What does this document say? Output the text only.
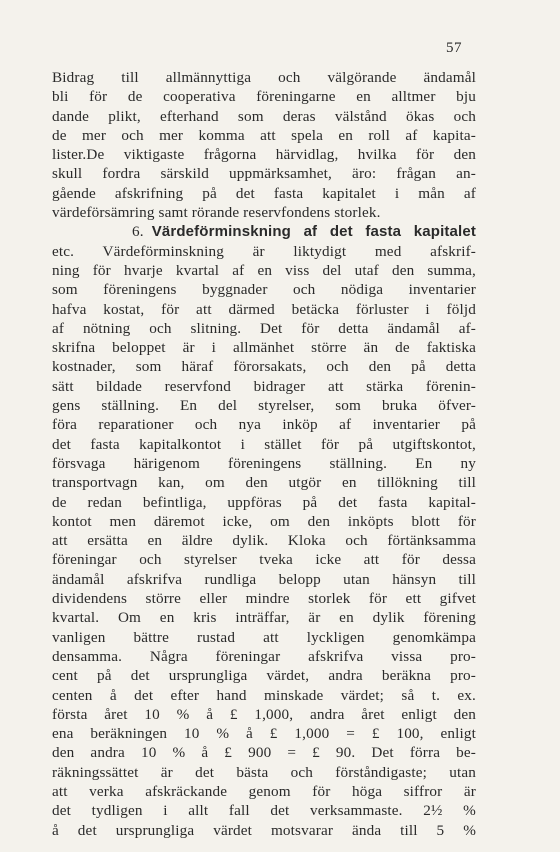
57
Bidrag till allmännyttiga och välgörande ändamål
bli för de cooperativa föreningarne en alltmer bju
dande plikt, efterhand som deras välstånd ökas och
de mer och mer komma att spela en roll af kapita-
lister.De viktigaste frågorna härvidlag, hvilka för den
skull fordra särskild uppmärksamhet, äro: frågan an-
gående afskrifning på det fasta kapitalet i mån af
värdeförsämring samt rörande reservfondens storlek.
6. Värdeförminskning af det fasta kapitalet
etc. Värdeförminskning är liktydigt med afskrif-
ning för hvarje kvartal af en viss del utaf den summa,
som föreningens byggnader och nödiga inventarier
hafva kostat, för att därmed betäcka förluster i följd
af nötning och slitning. Det för detta ändamål af-
skrifna beloppet är i allmänhet större än de faktiska
kostnader, som häraf förorsakats, och den på detta
sätt bildade reservfond bidrager att stärka förenin-
gens ställning. En del styrelser, som bruka öfver-
föra reparationer och nya inköp af inventarier på
det fasta kapitalkontot i stället för på utgiftskontot,
försvaga härigenom föreningens ställning. En ny
transportvagn kan, om den utgör en tillökning till
de redan befintliga, uppföras på det fasta kapital-
kontot men däremot icke, om den inköpts blott för
att ersätta en äldre dylik. Kloka och förtänksamma
föreningar och styrelser tveka icke att för dessa
ändamål afskrifva rundliga belopp utan hänsyn till
dividendens större eller mindre storlek för ett gifvet
kvartal. Om en kris inträffar, är en dylik förening
vanligen bättre rustad att lyckligen genomkämpa
densamma. Några föreningar afskrifva vissa pro-
cent på det ursprungliga värdet, andra beräkna pro-
centen å det efter hand minskade värdet; så t. ex.
första året 10 % å £ 1,000, andra året enligt den
ena beräkningen 10 % å £ 1,000 = £ 100, enligt
den andra 10 % å £ 900 = £ 90. Det förra be-
räkningssättet är det bästa och förståndigaste; utan
att verka afskräckande genom för höga siffror är
det tydligen i allt fall det verksammaste. 2½ %
å det ursprungliga värdet motsvarar ända till 5 %
